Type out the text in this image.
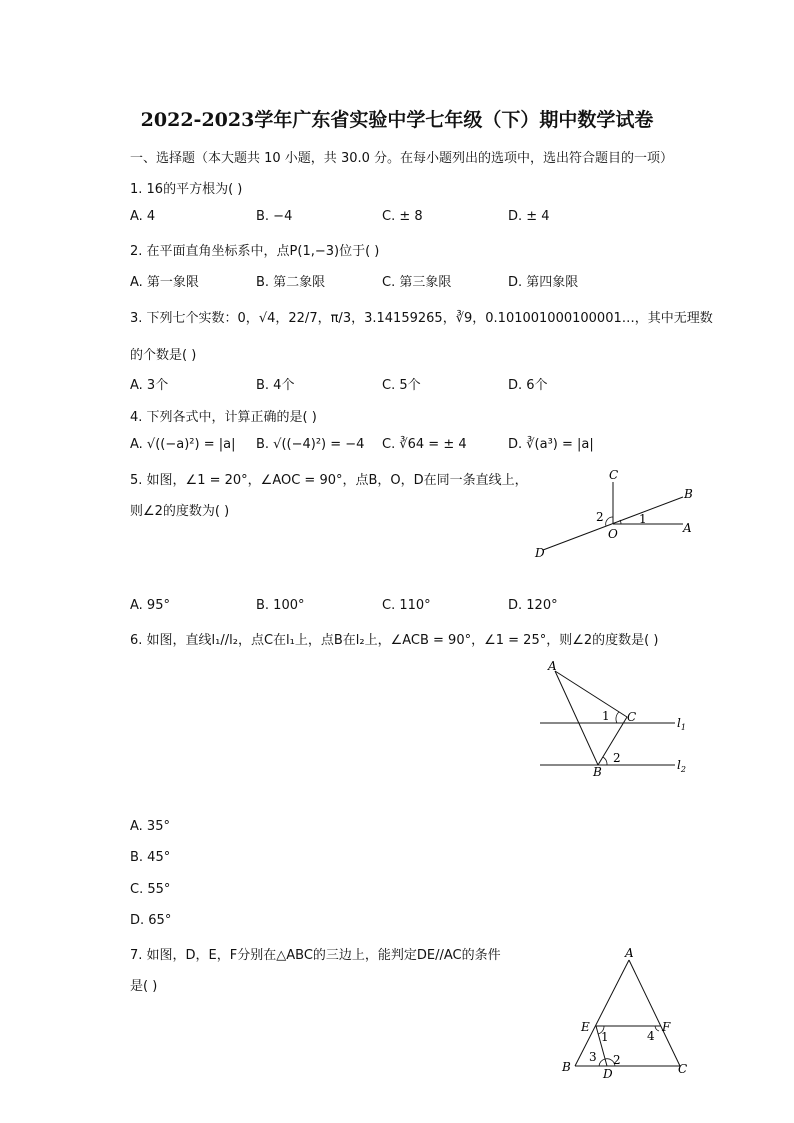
2022-2023学年广东省实验中学七年级（下）期中数学试卷
一、选择题（本大题共 10 小题，共 30.0 分。在每小题列出的选项中，选出符合题目的一项）
1. 16的平方根为( )
A. 4	B. −4	C. ± 8	D. ± 4
2. 在平面直角坐标系中，点P(1,−3)位于( )
A. 第一象限	B. 第二象限	C. 第三象限	D. 第四象限
3. 下列七个实数：0，√4，22/7，π/3，3.14159265，∛9，0.101001000100001…，其中无理数
的个数是( )
A. 3个	B. 4个	C. 5个	D. 6个
4. 下列各式中，计算正确的是( )
A. √((−a)²) = |a| B. √((−4)²) = −4 C. ∛64 = ± 4	D. ∛(a³) = |a|
5. 如图，∠1 = 20°，∠AOC = 90°，点B，O，D在同一条直线上，
则∠2的度数为( )
C
B
A
O
D
1
2
A. 95°	B. 100°	C. 110°	D. 120°
6. 如图，直线l₁//l₂，点C在l₁上，点B在l₂上，∠ACB = 90°，∠1 = 25°，则∠2的度数是( )
A
C
B
1
2
$l_1$
$l_2$
A. 35°
B. 45°
C. 55°
D. 65°
7. 如图，D，E，F分别在△ABC的三边上，能判定DE//AC的条件
是( )
A
E	F
B	D	C
1
2
3
4
